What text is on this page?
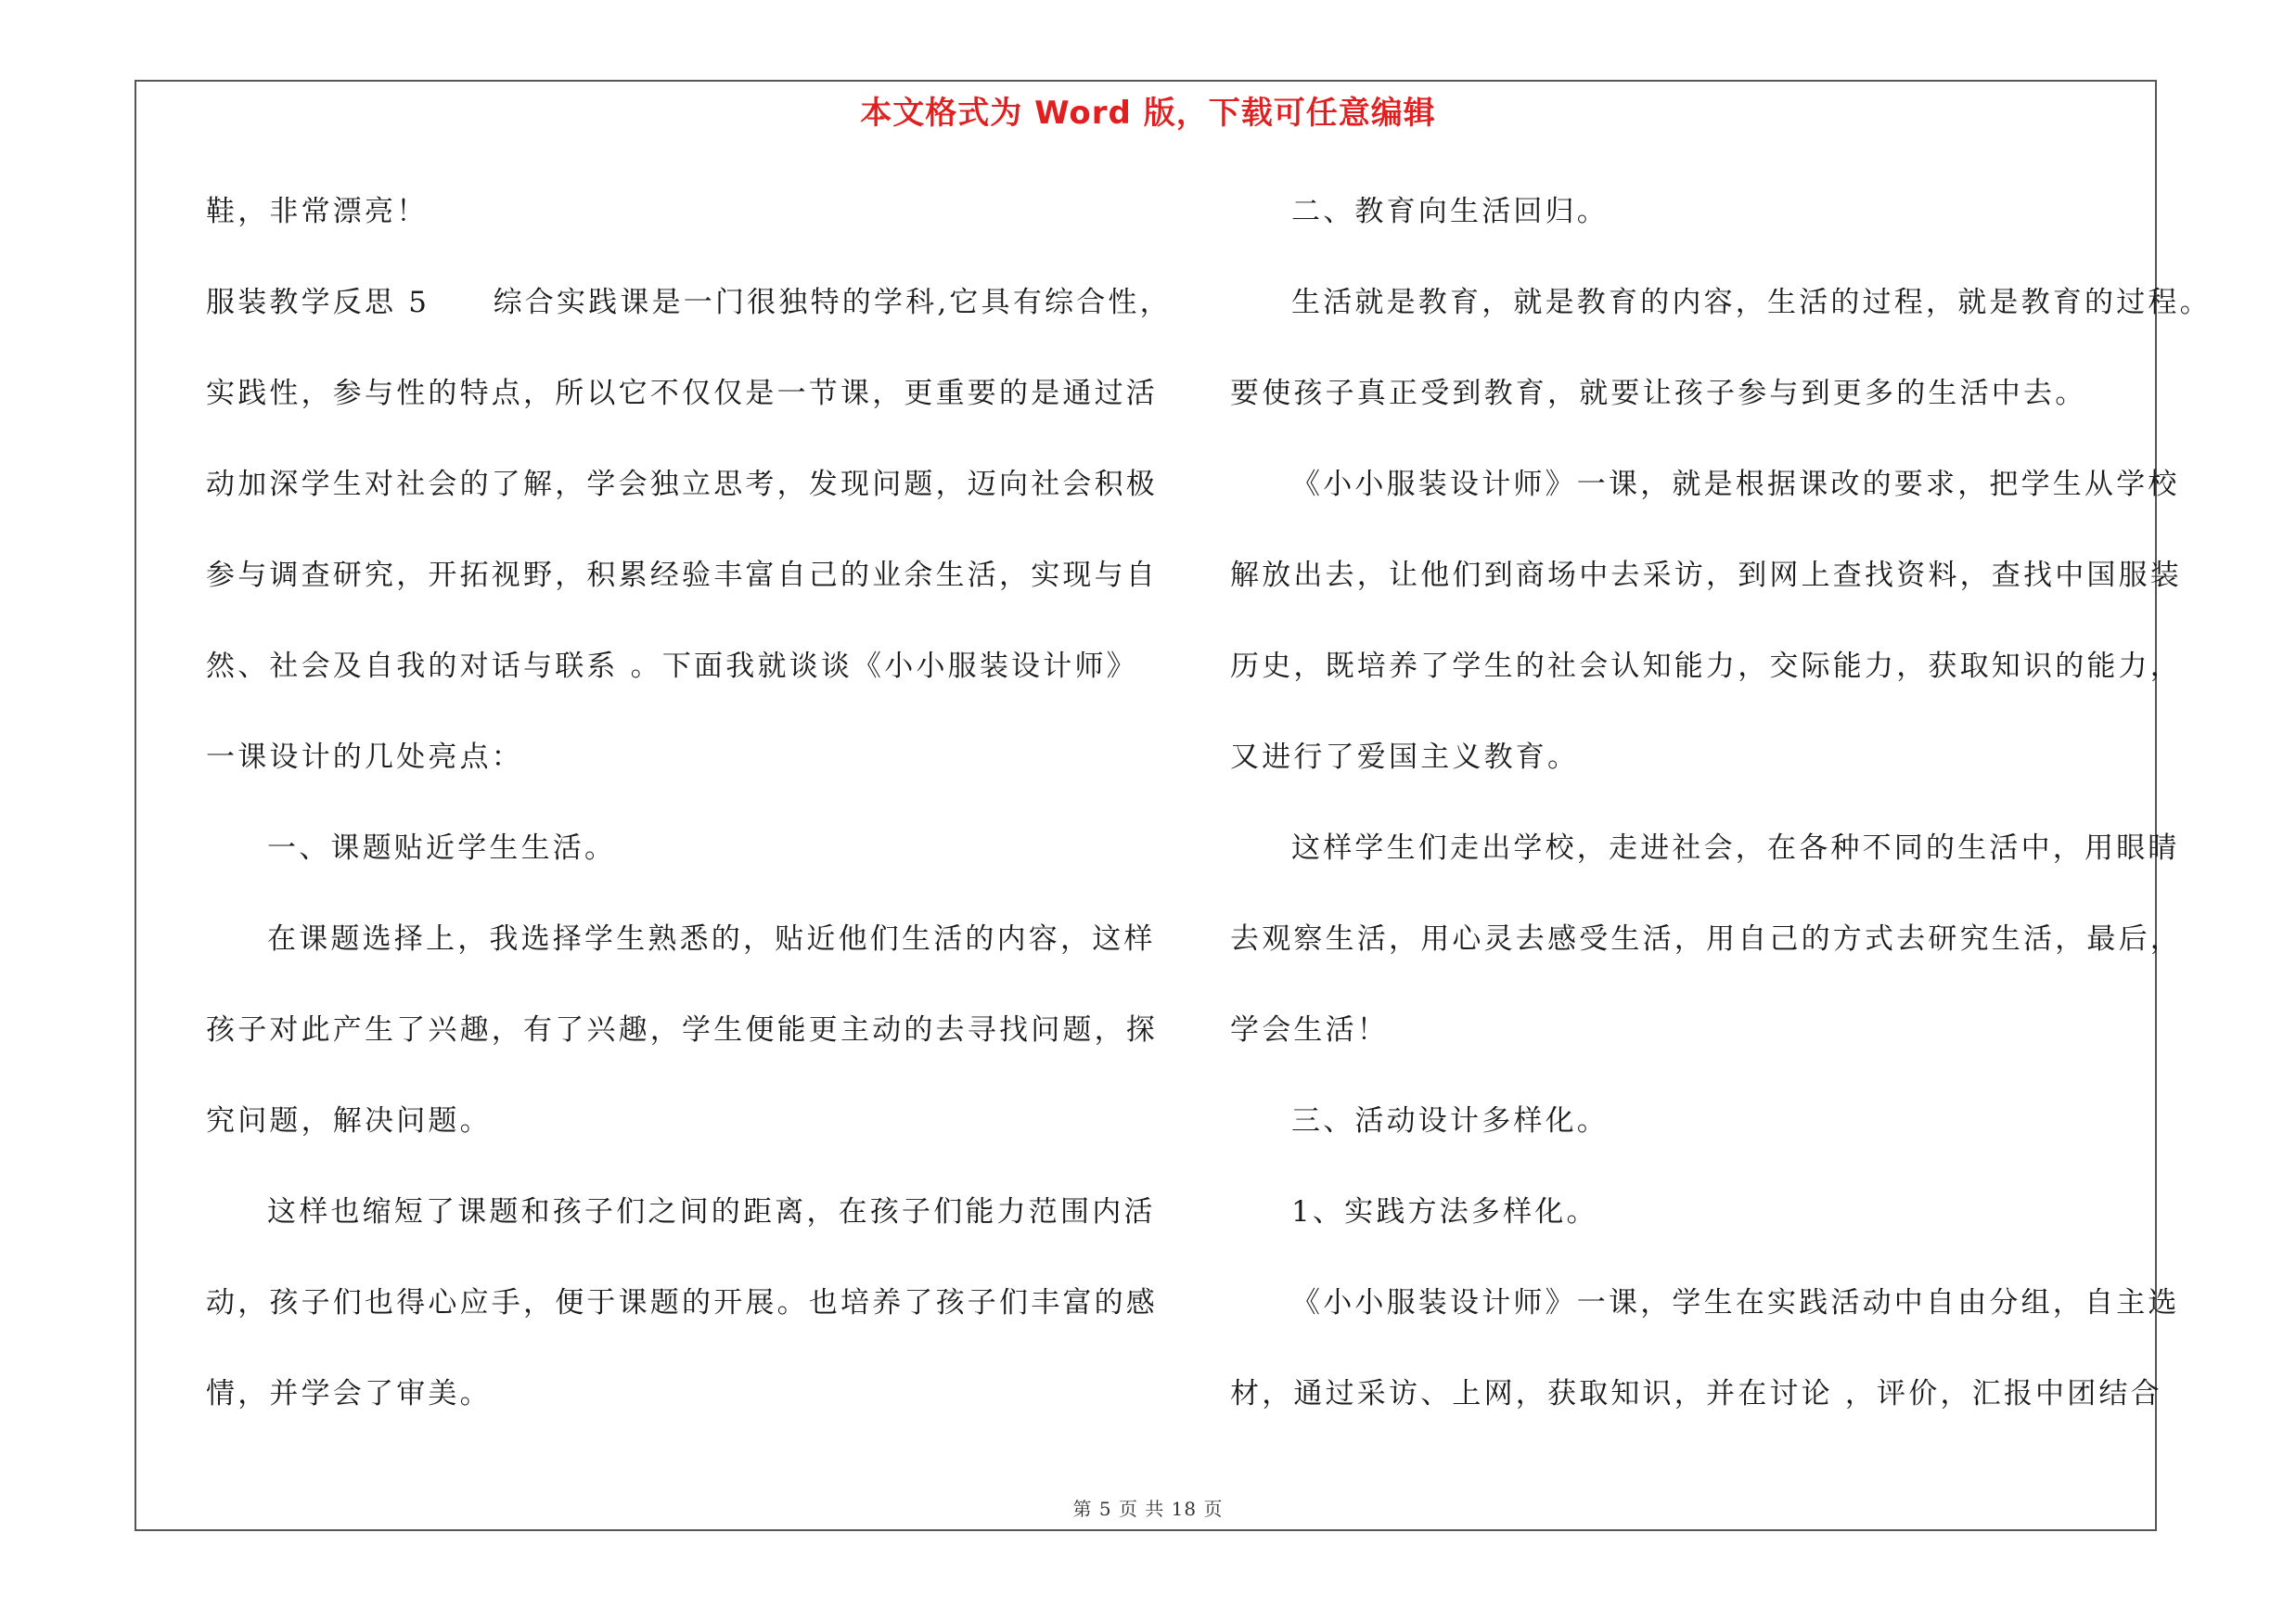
本文格式为 Word 版，下载可任意编辑
鞋，非常漂亮！
服装教学反思 5　　综合实践课是一门很独特的学科,它具有综合性，
实践性，参与性的特点，所以它不仅仅是一节课，更重要的是通过活
动加深学生对社会的了解，学会独立思考，发现问题，迈向社会积极
参与调查研究，开拓视野，积累经验丰富自己的业余生活，实现与自
然、社会及自我的对话与联系 。下面我就谈谈《小小服装设计师》
一课设计的几处亮点：
一、课题贴近学生生活。
在课题选择上，我选择学生熟悉的，贴近他们生活的内容，这样
孩子对此产生了兴趣，有了兴趣，学生便能更主动的去寻找问题，探
究问题，解决问题。
这样也缩短了课题和孩子们之间的距离，在孩子们能力范围内活
动，孩子们也得心应手，便于课题的开展。也培养了孩子们丰富的感
情，并学会了审美。
二、教育向生活回归。
生活就是教育，就是教育的内容，生活的过程，就是教育的过程。
要使孩子真正受到教育，就要让孩子参与到更多的生活中去。
《小小服装设计师》一课，就是根据课改的要求，把学生从学校
解放出去，让他们到商场中去采访，到网上查找资料，查找中国服装
历史，既培养了学生的社会认知能力，交际能力，获取知识的能力，
又进行了爱国主义教育。
这样学生们走出学校，走进社会，在各种不同的生活中，用眼睛
去观察生活，用心灵去感受生活，用自己的方式去研究生活，最后，
学会生活！
三、活动设计多样化。
1、实践方法多样化。
《小小服装设计师》一课，学生在实践活动中自由分组，自主选
材，通过采访、上网，获取知识，并在讨论 ，评价，汇报中团结合
第 5 页 共 18 页
